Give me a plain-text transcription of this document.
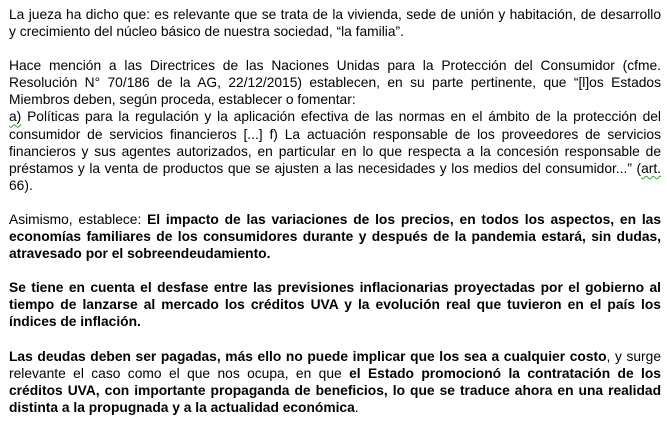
La jueza ha dicho que: es relevante que se trata de la vivienda, sede de unión y habitación, de desarrollo y crecimiento del núcleo básico de nuestra sociedad, “la familia”.

Hace mención a las Directrices de las Naciones Unidas para la Protección del Consumidor (cfme. Resolución N° 70/186 de la AG, 22/12/2015) establecen, en su parte pertinente, que “[l]os Estados Miembros deben, según proceda, establecer o fomentar:
a) Políticas para la regulación y la aplicación efectiva de las normas en el ámbito de la protección del consumidor de servicios financieros [...] f) La actuación responsable de los proveedores de servicios financieros y sus agentes autorizados, en particular en lo que respecta a la concesión responsable de préstamos y la venta de productos que se ajusten a las necesidades y los medios del consumidor...” (art. 66).

Asimismo, establece: El impacto de las variaciones de los precios, en todos los aspectos, en las economías familiares de los consumidores durante y después de la pandemia estará, sin dudas, atravesado por el sobreendeudamiento.

Se tiene en cuenta el desfase entre las previsiones inflacionarias proyectadas por el gobierno al tiempo de lanzarse al mercado los créditos UVA y la evolución real que tuvieron en el país los índices de inflación.

Las deudas deben ser pagadas, más ello no puede implicar que los sea a cualquier costo, y surge relevante el caso como el que nos ocupa, en que el Estado promocionó la contratación de los créditos UVA, con importante propaganda de beneficios, lo que se traduce ahora en una realidad distinta a la propugnada y a la actualidad económica.
